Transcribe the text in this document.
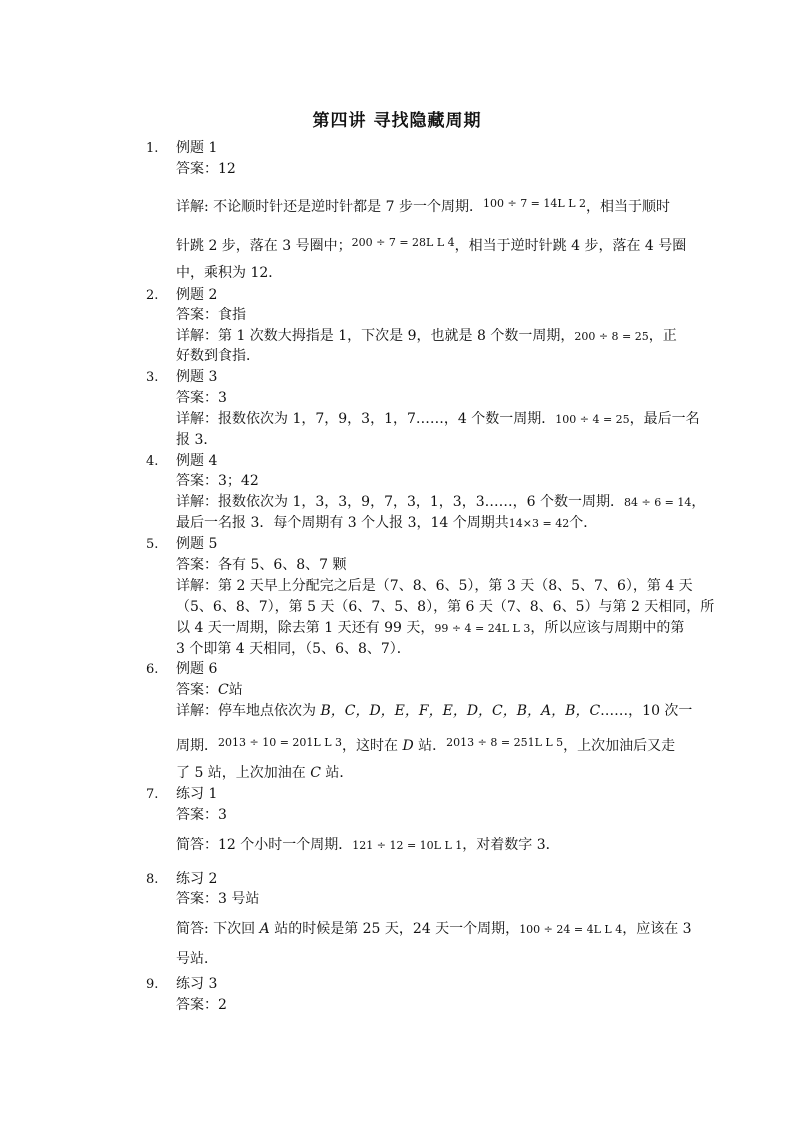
第四讲 寻找隐藏周期
1. 例题 1
答案：12
详解: 不论顺时针还是逆时针都是 7 步一个周期．$^{100 \div 7 = 14L L 2}$，相当于顺时
针跳 2 步，落在 3 号圈中；$^{200 \div 7 = 28L L 4}$，相当于逆时针跳 4 步，落在 4 号圈
中，乘积为 12．
2. 例题 2
答案：食指
详解：第 1 次数大拇指是 1，下次是 9，也就是 8 个数一周期，200 ÷ 8 = 25，正
好数到食指．
3. 例题 3
答案：3
详解：报数依次为 1，7，9，3，1，7……，4 个数一周期．100 ÷ 4 = 25，最后一名
报 3．
4. 例题 4
答案：3；42
详解：报数依次为 1，3，3，9，7，3，1，3，3……，6 个数一周期．84 ÷ 6 = 14，
最后一名报 3．每个周期有 3 个人报 3，14 个周期共14×3 = 42个．
5. 例题 5
答案：各有 5、6、8、7 颗
详解：第 2 天早上分配完之后是（7、8、6、5），第 3 天（8、5、7、6），第 4 天
（5、6、8、7），第 5 天（6、7、5、8），第 6 天（7、8、6、5）与第 2 天相同，所
以 4 天一周期，除去第 1 天还有 99 天，99 ÷ 4 = 24L L 3，所以应该与周期中的第
3 个即第 4 天相同，（5、6、8、7）．
6. 例题 6
答案：C站
详解：停车地点依次为 B，C，D，E，F，E，D，C，B，A，B，C……，10 次一
周期．$^{2013 \div 10 = 201L L 3}$，这时在 D 站．$^{2013 \div 8 = 251L L 5}$，上次加油后又走
了 5 站，上次加油在 C 站．
7. 练习 1
答案：3
简答：12 个小时一个周期．121 ÷ 12 = 10L L 1，对着数字 3．
8. 练习 2
答案：3 号站
简答: 下次回 A 站的时候是第 25 天，24 天一个周期，100 ÷ 24 = 4L L 4，应该在 3
号站．
9. 练习 3
答案：2
